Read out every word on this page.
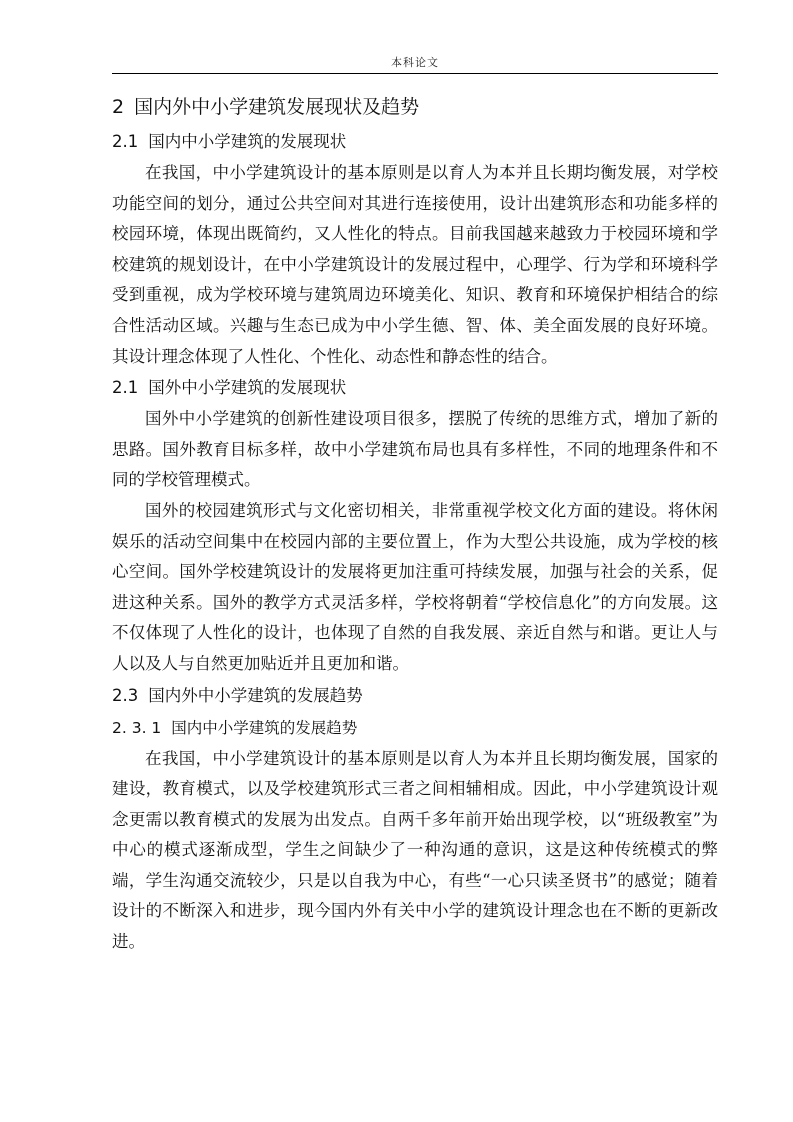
本科论文
2 国内外中小学建筑发展现状及趋势
2.1 国内中小学建筑的发展现状

在我国，中小学建筑设计的基本原则是以育人为本并且长期均衡发展，对学校功能空间的划分，通过公共空间对其进行连接使用，设计出建筑形态和功能多样的校园环境，体现出既简约，又人性化的特点。目前我国越来越致力于校园环境和学校建筑的规划设计，在中小学建筑设计的发展过程中，心理学、行为学和环境科学受到重视，成为学校环境与建筑周边环境美化、知识、教育和环境保护相结合的综合性活动区域。兴趣与生态已成为中小学生德、智、体、美全面发展的良好环境。其设计理念体现了人性化、个性化、动态性和静态性的结合。

2.1 国外中小学建筑的发展现状

国外中小学建筑的创新性建设项目很多，摆脱了传统的思维方式，增加了新的思路。国外教育目标多样，故中小学建筑布局也具有多样性，不同的地理条件和不同的学校管理模式。

国外的校园建筑形式与文化密切相关，非常重视学校文化方面的建设。将休闲娱乐的活动空间集中在校园内部的主要位置上，作为大型公共设施，成为学校的核心空间。国外学校建筑设计的发展将更加注重可持续发展，加强与社会的关系，促进这种关系。国外的教学方式灵活多样，学校将朝着“学校信息化”的方向发展。这不仅体现了人性化的设计，也体现了自然的自我发展、亲近自然与和谐。更让人与人以及人与自然更加贴近并且更加和谐。

2.3 国内外中小学建筑的发展趋势
2. 3. 1 国内中小学建筑的发展趋势

在我国，中小学建筑设计的基本原则是以育人为本并且长期均衡发展，国家的建设，教育模式，以及学校建筑形式三者之间相辅相成。因此，中小学建筑设计观念更需以教育模式的发展为出发点。自两千多年前开始出现学校，以“班级教室”为中心的模式逐渐成型，学生之间缺少了一种沟通的意识，这是这种传统模式的弊端，学生沟通交流较少，只是以自我为中心，有些“一心只读圣贤书”的感觉；随着设计的不断深入和进步，现今国内外有关中小学的建筑设计理念也在不断的更新改进。
